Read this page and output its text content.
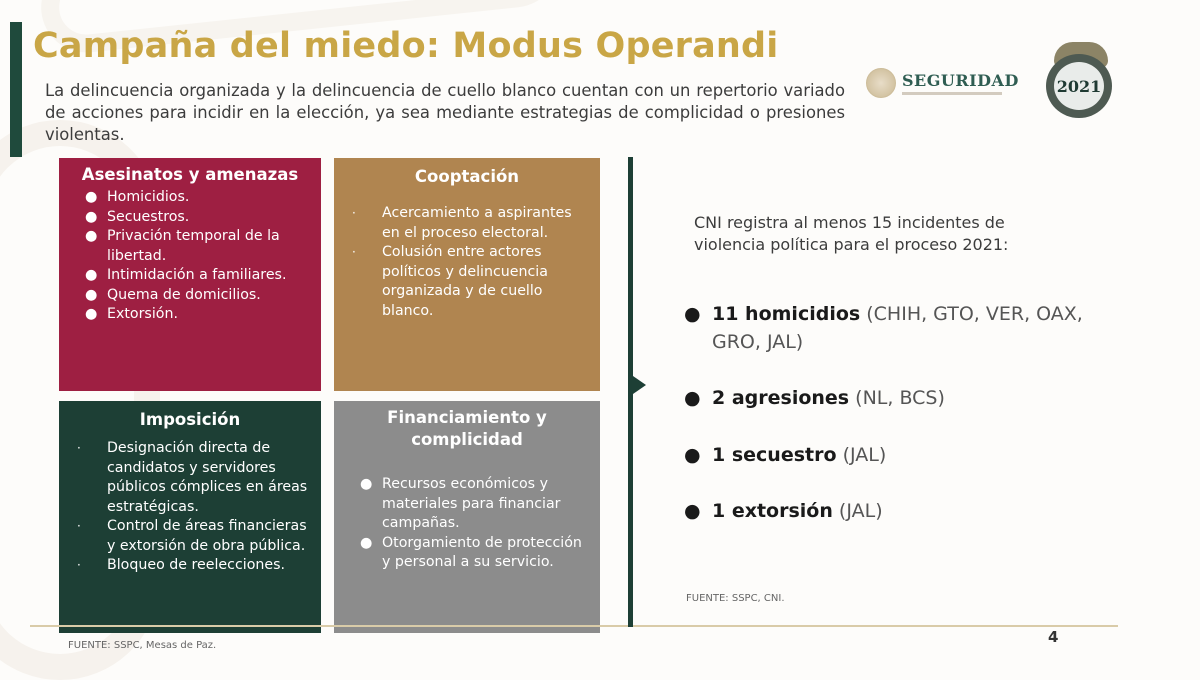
Campaña del miedo: Modus Operandi

La delincuencia organizada y la delincuencia de cuello blanco cuentan con un repertorio variado de acciones para incidir en la elección, ya sea mediante estrategias de complicidad o presiones violentas.

SEGURIDAD 2021
Asesinatos y amenazas
● Homicidios.
● Secuestros.
● Privación temporal de la libertad.
● Intimidación a familiares.
● Quema de domicilios.
● Extorsión.
Cooptación
· Acercamiento a aspirantes en el proceso electoral.
· Colusión entre actores políticos y delincuencia organizada y de cuello blanco.
Imposición
· Designación directa de candidatos y servidores públicos cómplices en áreas estratégicas.
· Control de áreas financieras y extorsión de obra pública.
· Bloqueo de reelecciones.
Financiamiento y complicidad
● Recursos económicos y materiales para financiar campañas.
● Otorgamiento de protección y personal a su servicio.
FUENTE: SSPC, Mesas de Paz.

CNI registra al menos 15 incidentes de violencia política para el proceso 2021:

● 11 homicidios (CHIH, GTO, VER, OAX, GRO, JAL)
● 2 agresiones (NL, BCS)
● 1 secuestro (JAL)
● 1 extorsión (JAL)
FUENTE: SSPC, CNI.
4
